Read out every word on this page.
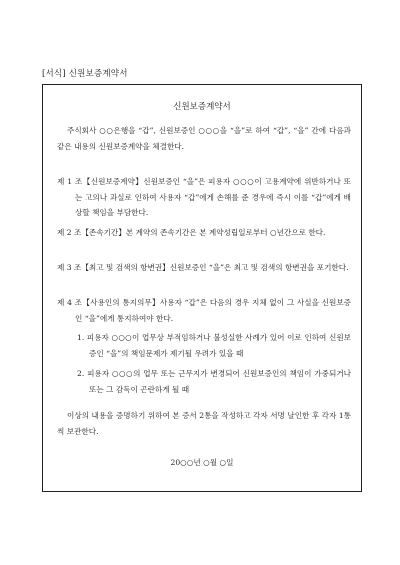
[서식] 신원보증계약서
신원보증계약서
주식회사 ○○은행을 “갑”, 신원보증인 ○○○을 “을”로 하여 “갑”, “을” 간에 다음과 같은 내용의 신원보증계약을 체결한다.
제 1 조【신원보증계약】신원보증인 “을”은 피용자 ○○○이 고용계약에 위반하거나 또는 고의나 과실로 인하여 사용자 “갑”에게 손해를 준 경우에 즉시 이를 “갑”에게 배상할 책임을 부담한다.
제 2 조【존속기간】본 계약의 존속기간은 본 계약성립일로부터 ○년간으로 한다.
제 3 조【최고 및 검색의 항변권】신원보증인 “을”은 최고 및 검색의 항변권을 포기한다.
제 4 조【사용인의 통지의무】사용자 “갑”은 다음의 경우 지체 없이 그 사실을 신원보증인 “을”에게 통지하여야 한다.
1. 피용자 ○○○이 업무상 부적임하거나 불성실한 사례가 있어 이로 인하여 신원보증인 “을”의 책임문제가 제기될 우려가 있을 때
2. 피용자 ○○○의 업무 또는 근무지가 변경되어 신원보증인의 책임이 가중되거나 또는 그 감독이 곤란하게 될 때
이상의 내용을 증명하기 위하여 본 증서 2통을 작성하고 각자 서명 날인한 후 각자 1통씩 보관한다.
20○○년 ○월 ○일
